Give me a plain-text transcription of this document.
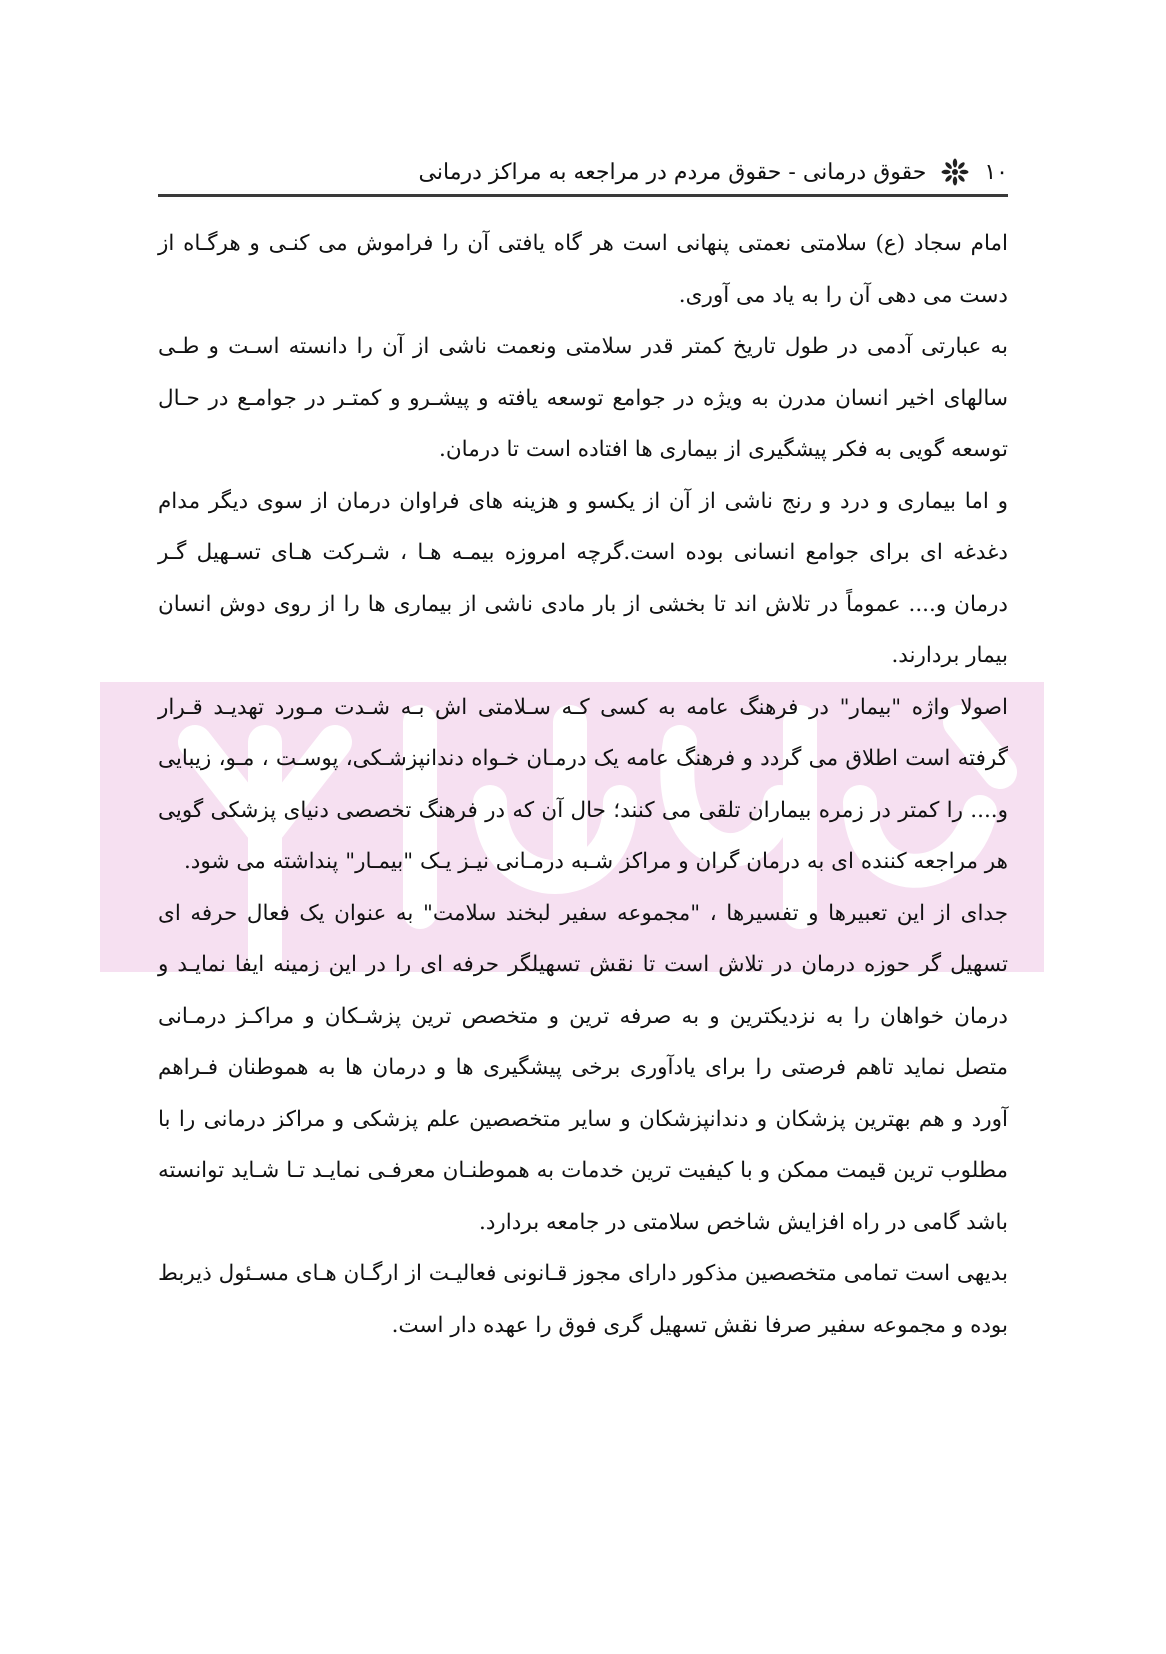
۱۰
حقوق درمانی - حقوق مردم در مراجعه به مراکز درمانی

امام سجاد (ع) سلامتی نعمتی پنهانی است هر گاه یافتی آن را فراموش می کنـی و هرگـاه از دست می دهی آن را به یاد می آوری.

به عبارتی آدمی در طول تاریخ کمتر قدر سلامتی ونعمت ناشی از آن را دانسته اسـت و طـی سالهای اخیر انسان مدرن به ویژه در جوامع توسعه یافته و پیشـرو و کمتـر در جوامـع در حـال توسعه گویی به فکر پیشگیری از بیماری ها افتاده است تا درمان.

و اما بیماری و درد و رنج ناشی از آن از یکسو و هزینه های فراوان درمان از سوی دیگر مدام دغدغه ای برای جوامع انسانی بوده است.گرچه امروزه بیمـه هـا ، شـرکت هـای تسـهیل گـر درمان و.... عموماً در تلاش اند تا بخشی از بار مادی ناشی از بیماری ها را از روی دوش انسان بیمار بردارند.

اصولا واژه "بیمار" در فرهنگ عامه به کسی کـه سـلامتی اش بـه شـدت مـورد تهدیـد قـرار گرفته است اطلاق می گردد و فرهنگ عامه یک درمـان خـواه دندانپزشـکی، پوسـت ، مـو، زیبایی و.... را کمتر در زمره بیماران تلقی می کنند؛ حال آن که در فرهنگ تخصصی دنیای پزشکی گویی هر مراجعه کننده ای به درمان گران و مراکز شـبه درمـانی نیـز یـک "بیمـار" پنداشته می شود.

جدای از این تعبیرها و تفسیرها ، "مجموعه سفیر لبخند سلامت" به عنوان یک فعال حرفه ای تسهیل گر حوزه درمان در تلاش است تا نقش تسهیلگر حرفه ای را در این زمینه ایفا نمایـد و درمان خواهان را به نزدیکترین و به صرفه ترین و متخصص ترین پزشـکان و مراکـز درمـانی متصل نماید تاهم فرصتی را برای یادآوری برخی پیشگیری ها و درمان ها به هموطنان فـراهم آورد و هم بهترین پزشکان و دندانپزشکان و سایر متخصصین علم پزشکی و مراکز درمانی را با مطلوب ترین قیمت ممکن و با کیفیت ترین خدمات به هموطنـان معرفـی نمایـد تـا شـاید توانسته باشد گامی در راه افزایش شاخص سلامتی در جامعه بردارد.

بدیهی است تمامی متخصصین مذکور دارای مجوز قـانونی فعالیـت از ارگـان هـای مسـئول ذیربط بوده و مجموعه سفیر صرفا نقش تسهیل گری فوق را عهده دار است.
